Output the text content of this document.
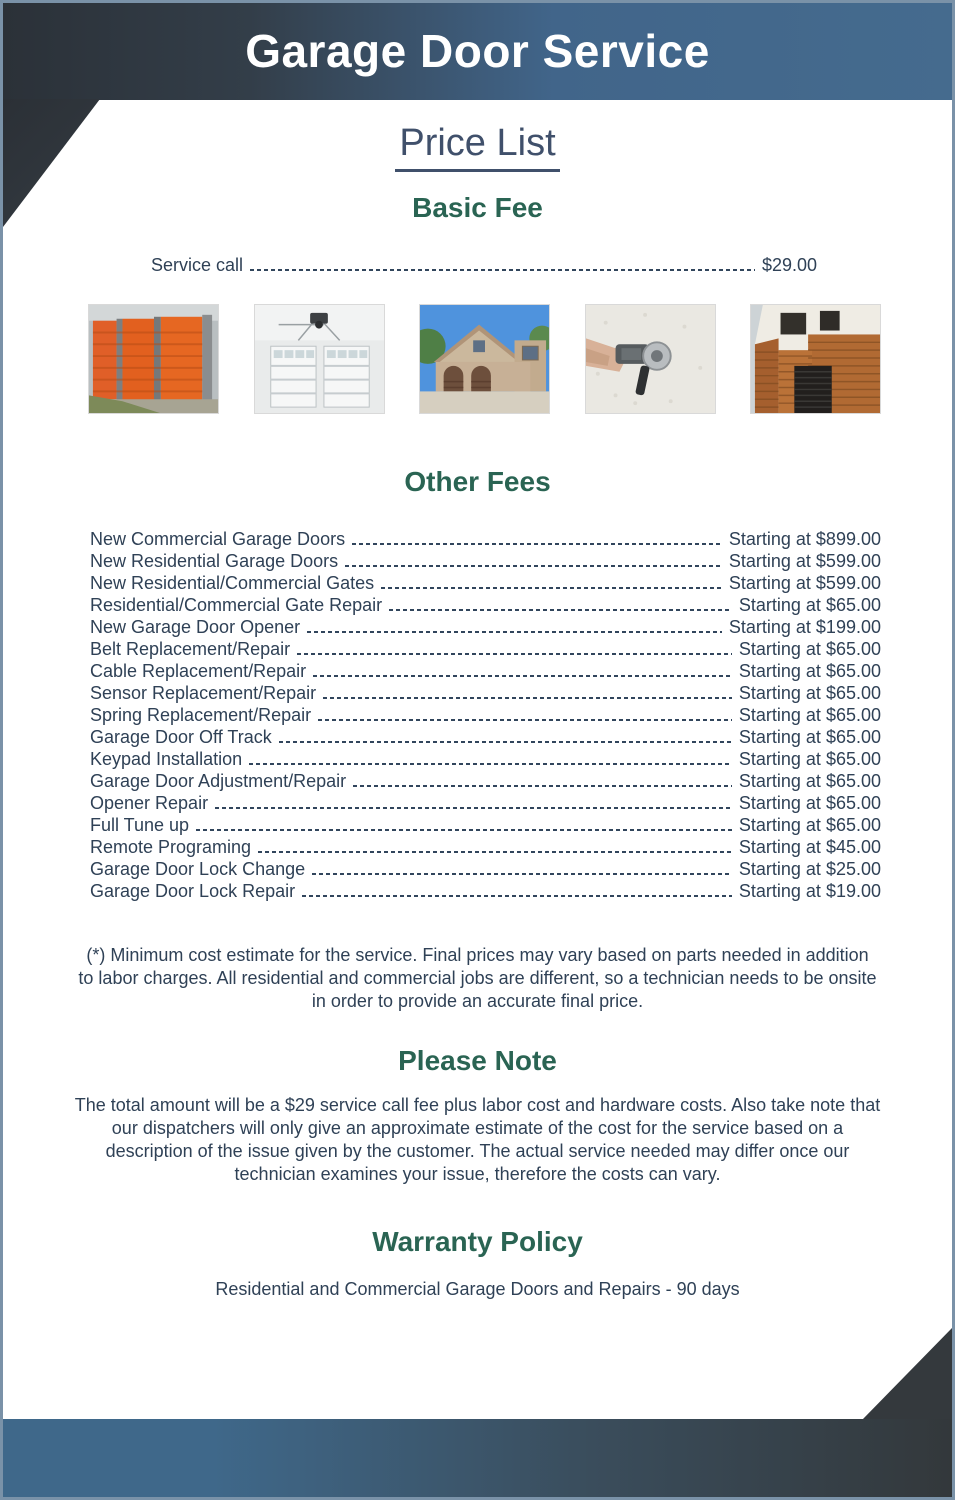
Garage Door Service
Price List
Basic Fee
Service call	$29.00
Other Fees
New Commercial Garage Doors	Starting at $899.00
New Residential Garage Doors	Starting at $599.00
New Residential/Commercial Gates	Starting at $599.00
Residential/Commercial Gate Repair	Starting at $65.00
New Garage Door Opener	Starting at $199.00
Belt Replacement/Repair	Starting at $65.00
Cable Replacement/Repair	Starting at $65.00
Sensor Replacement/Repair	Starting at $65.00
Spring Replacement/Repair	Starting at $65.00
Garage Door Off Track	Starting at $65.00
Keypad Installation	Starting at $65.00
Garage Door Adjustment/Repair	Starting at $65.00
Opener Repair	Starting at $65.00
Full Tune up	Starting at $65.00
Remote Programing	Starting at $45.00
Garage Door Lock Change	Starting at $25.00
Garage Door Lock Repair	Starting at $19.00
(*) Minimum cost estimate for the service. Final prices may vary based on parts needed in addition to labor charges. All residential and commercial jobs are different, so a technician needs to be onsite in order to provide an accurate final price.
Please Note
The total amount will be a $29 service call fee plus labor cost and hardware costs. Also take note that our dispatchers will only give an approximate estimate of the cost for the service based on a description of the issue given by the customer. The actual service needed may differ once our technician examines your issue, therefore the costs can vary.
Warranty Policy
Residential and Commercial Garage Doors and Repairs - 90 days
